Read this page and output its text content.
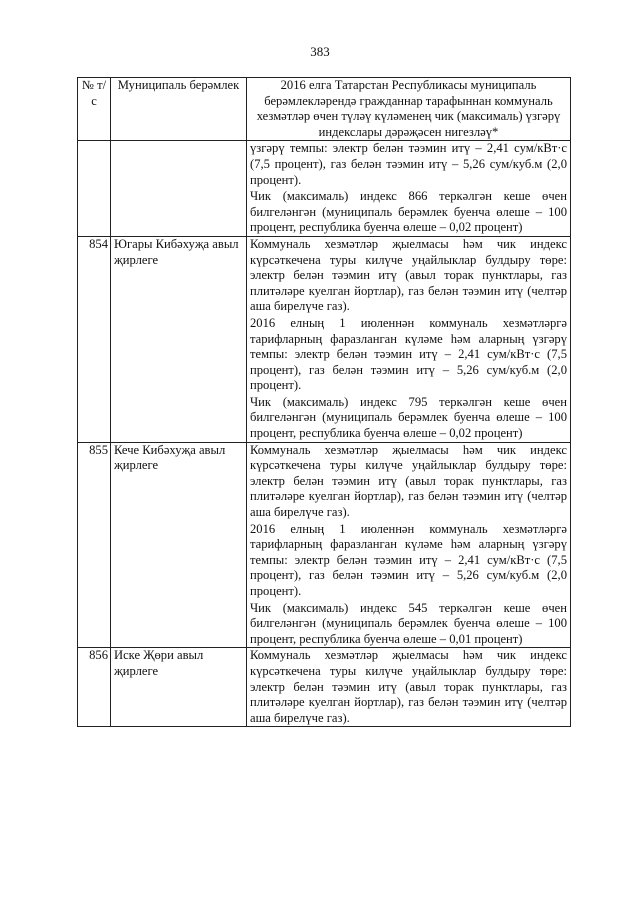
383
№ т/с	Муниципаль берәмлек	2016 елга Татарстан Республикасы муниципаль берәмлекләрендә гражданнар тарафыннан коммуналь хезмәтләр өчен түләү күләменең чик (максималь) үзгәрү индекслары дәрәҗәсен нигезләү*

		үзгәрү темпы: электр белән тәэмин итү – 2,41 сум/кВт·с (7,5 процент), газ белән тәэмин итү – 5,26 сум/куб.м (2,0 процент).

Чик (максималь) индекс 866 теркәлгән кеше өчен билгеләнгән (муниципаль берәмлек буенча өлеше – 100 процент, республика буенча өлеше – 0,02 процент)

854	Югары Кибәхуҗа авыл җирлеге	Коммуналь хезмәтләр җыелмасы һәм чик индекс күрсәткечена туры килүче уңайлыклар булдыру төре: электр белән тәэмин итү (авыл торак пунктлары, газ плитәләре куелган йортлар), газ белән тәэмин итү (челтәр аша бирелүче газ).

2016 елның 1 июленнән коммуналь хезмәтләргә тарифларның фаразланган күләме һәм аларның үзгәрү темпы: электр белән тәэмин итү – 2,41 сум/кВт·с (7,5 процент), газ белән тәэмин итү – 5,26 сум/куб.м (2,0 процент).

Чик (максималь) индекс 795 теркәлгән кеше өчен билгеләнгән (муниципаль берәмлек буенча өлеше – 100 процент, республика буенча өлеше – 0,02 процент)

855	Кече Кибәхуҗа авыл җирлеге	Коммуналь хезмәтләр җыелмасы һәм чик индекс күрсәткечена туры килүче уңайлыклар булдыру төре: электр белән тәэмин итү (авыл торак пунктлары, газ плитәләре куелган йортлар), газ белән тәэмин итү (челтәр аша бирелүче газ).

2016 елның 1 июленнән коммуналь хезмәтләргә тарифларның фаразланган күләме һәм аларның үзгәрү темпы: электр белән тәэмин итү – 2,41 сум/кВт·с (7,5 процент), газ белән тәэмин итү – 5,26 сум/куб.м (2,0 процент).

Чик (максималь) индекс 545 теркәлгән кеше өчен билгеләнгән (муниципаль берәмлек буенча өлеше – 100 процент, республика буенча өлеше – 0,01 процент)

856	Иске Җөри авыл җирлеге	Коммуналь хезмәтләр җыелмасы һәм чик индекс күрсәткечена туры килүче уңайлыклар булдыру төре: электр белән тәэмин итү (авыл торак пунктлары, газ плитәләре куелган йортлар), газ белән тәэмин итү (челтәр аша бирелүче газ).
